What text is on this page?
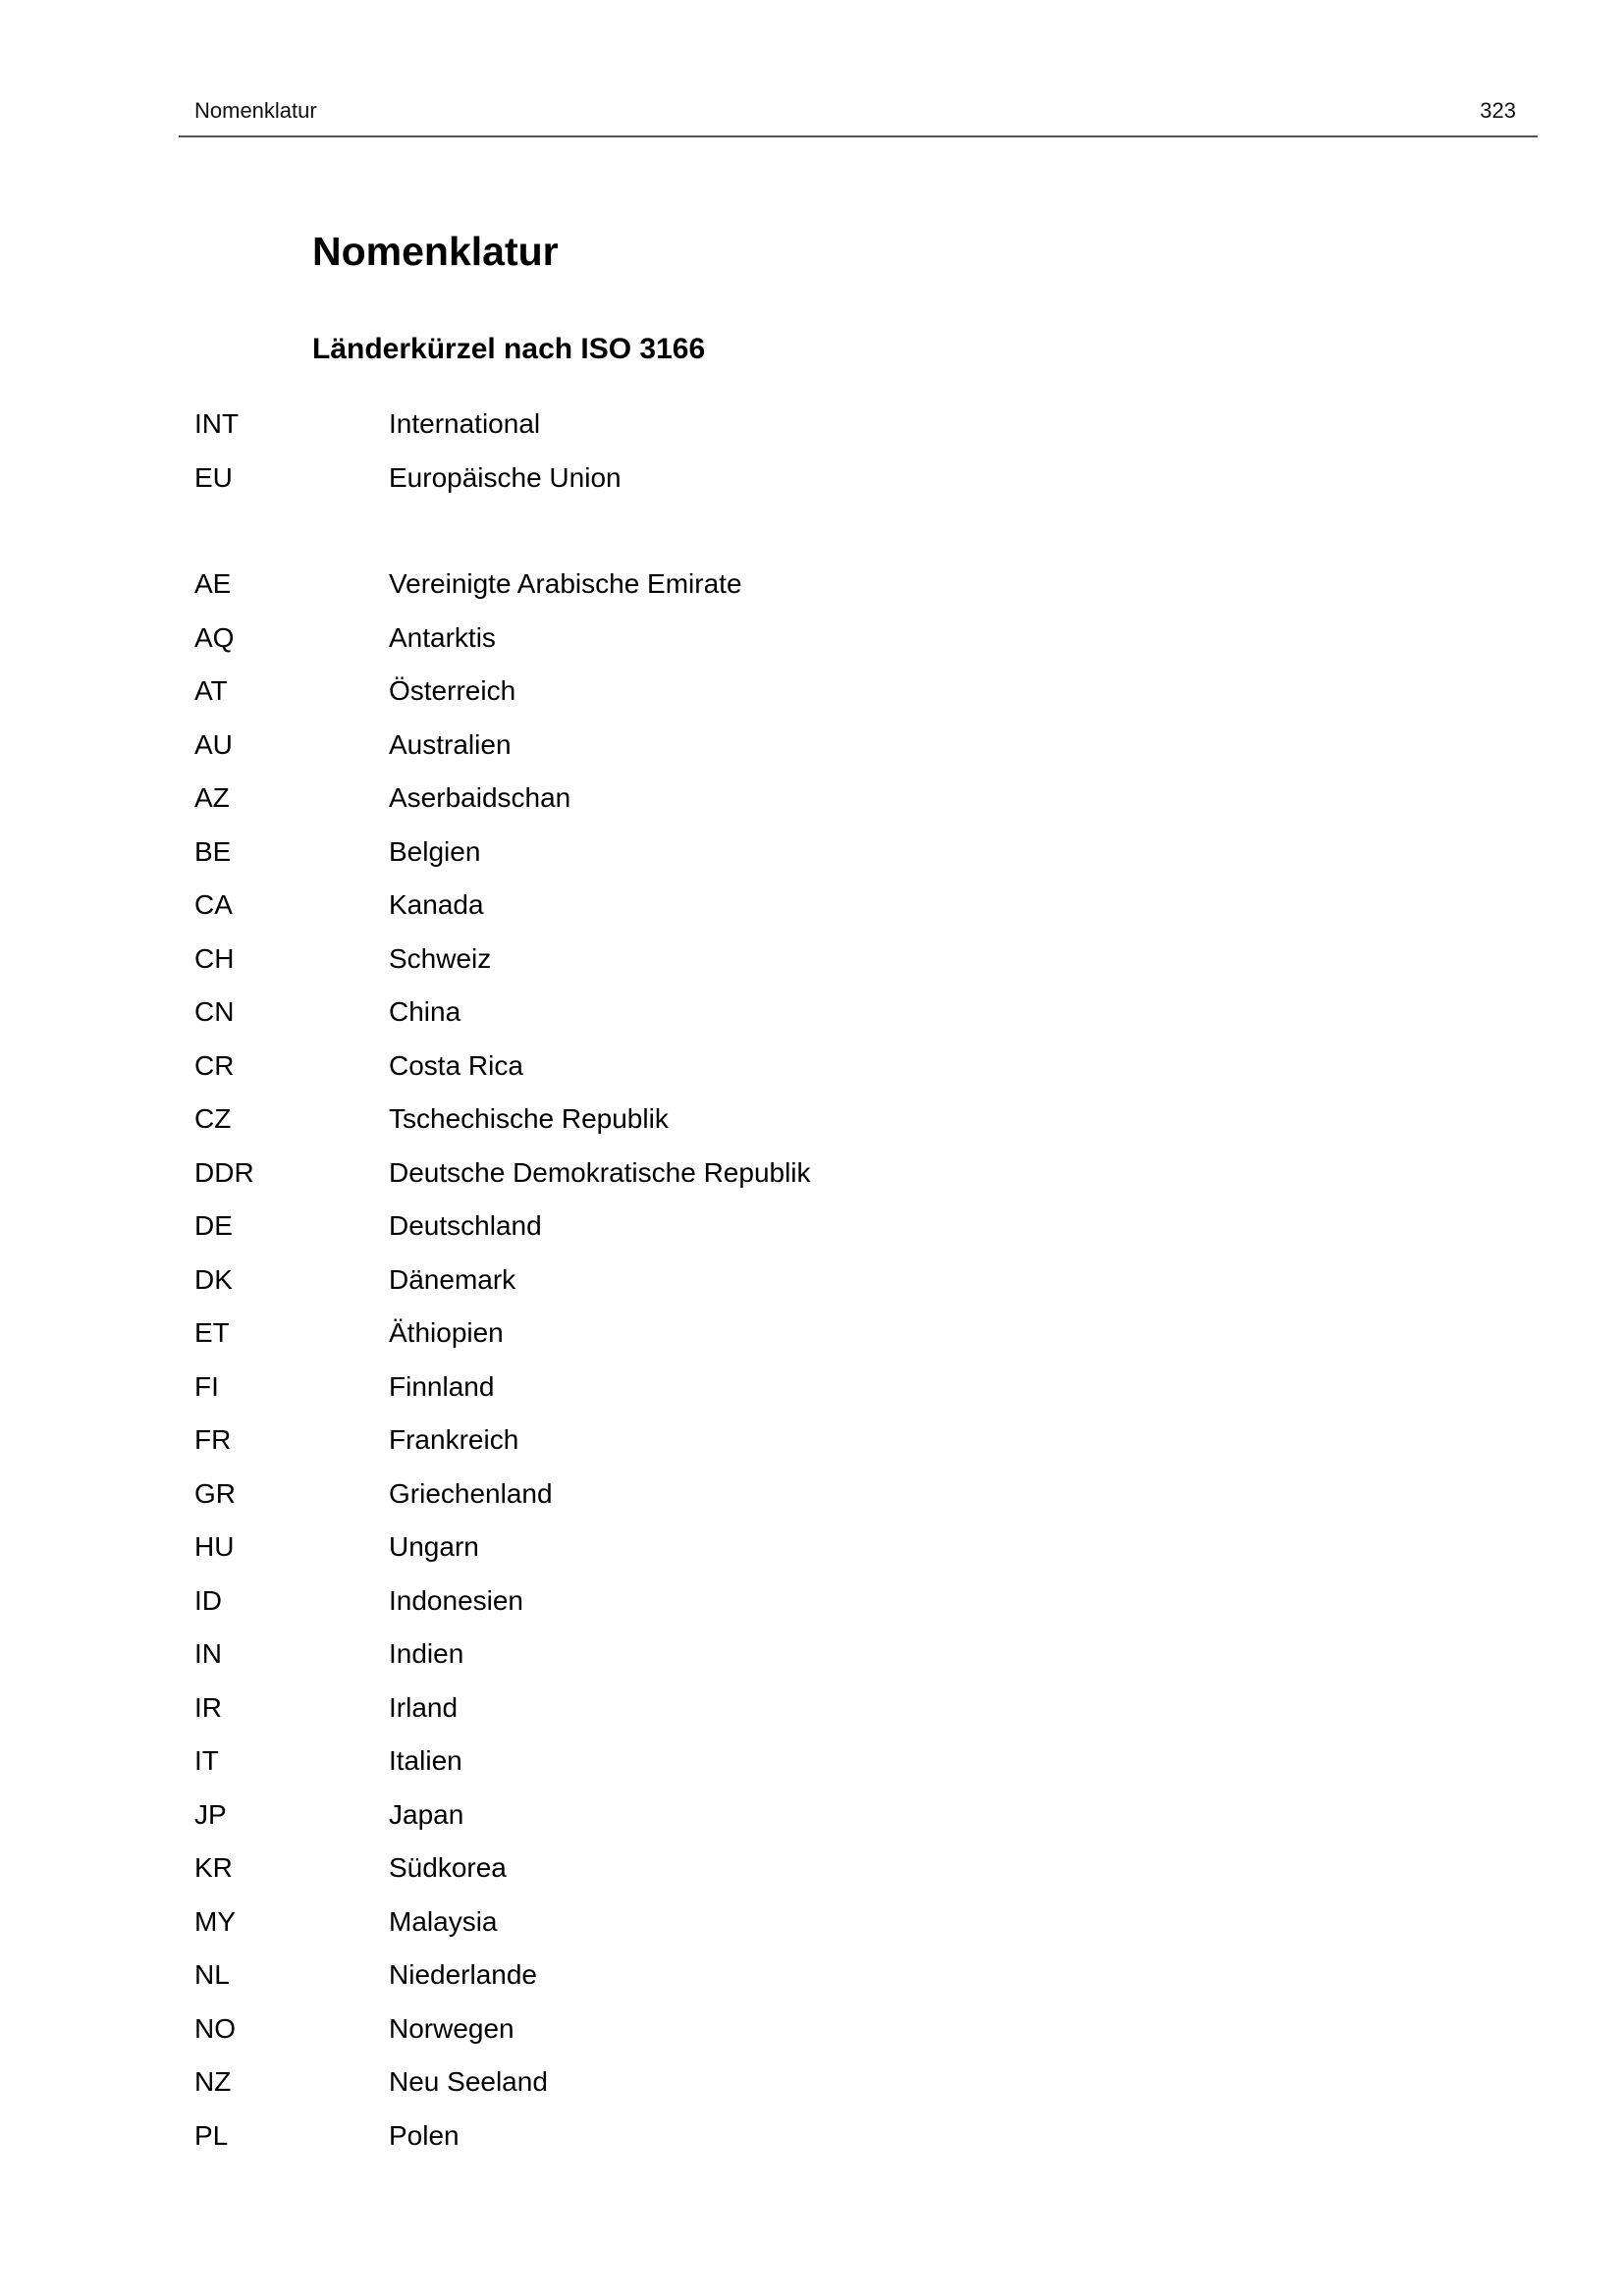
Nomenklatur	323
Nomenklatur
Länderkürzel nach ISO 3166
INT	International
EU	Europäische Union
AE	Vereinigte Arabische Emirate
AQ	Antarktis
AT	Österreich
AU	Australien
AZ	Aserbaidschan
BE	Belgien
CA	Kanada
CH	Schweiz
CN	China
CR	Costa Rica
CZ	Tschechische Republik
DDR	Deutsche Demokratische Republik
DE	Deutschland
DK	Dänemark
ET	Äthiopien
FI	Finnland
FR	Frankreich
GR	Griechenland
HU	Ungarn
ID	Indonesien
IN	Indien
IR	Irland
IT	Italien
JP	Japan
KR	Südkorea
MY	Malaysia
NL	Niederlande
NO	Norwegen
NZ	Neu Seeland
PL	Polen
